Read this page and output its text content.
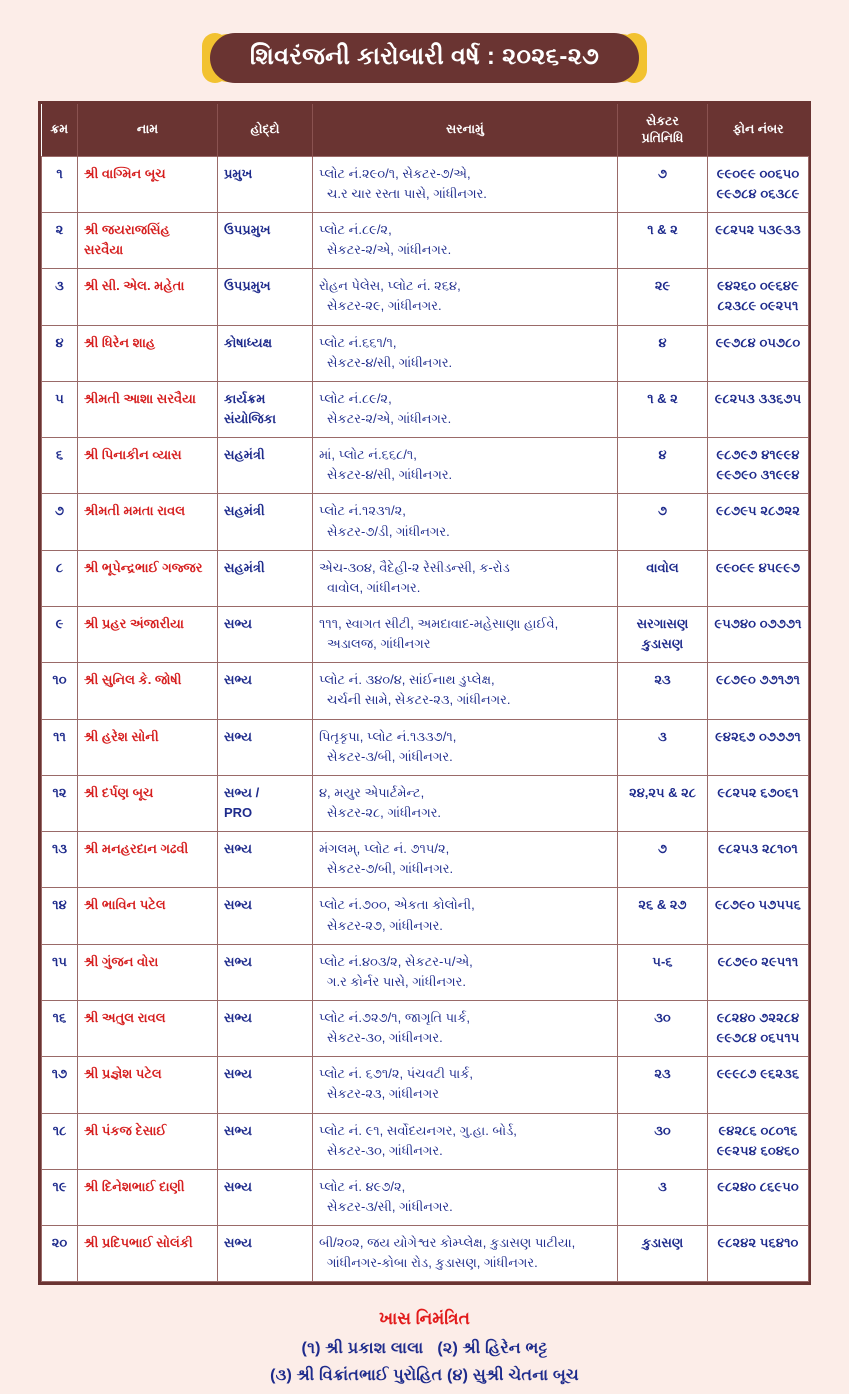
શિવરંજની કારોબારી વર્ષ : ૨૦૨૬-૨૭
ક્રમ	નામ	હોદ્દો	સરનામું	સેકટર
પ્રતિનિધિ	ફોન નંબર
૧	શ્રી વાગ્મિન બૂચ	પ્રમુખ	પ્લોટ નં.૨૯૦/૧, સેકટર-૭/એ,
ચ.ર ચાર રસ્તા પાસે, ગાંધીનગર.	૭	૯૯૦૯૯ ૦૦૬૫૦
૯૯૭૮૪ ૦૬૩૮૯

૨	શ્રી જયરાજસિંહ સરવૈયા	ઉપપ્રમુખ	પ્લોટ નં.૮૯/૨,
સેકટર-૨/એ, ગાંધીનગર.	૧ & ૨	૯૮૨૫૨ ૫૩૯૩૩
૩	શ્રી સી. એલ. મહેતા	ઉપપ્રમુખ	રોહન પેલેસ, પ્લોટ નં. ૨૬૪,
સેકટર-૨૯, ગાંધીનગર.	૨૯	૯૪૨૬૦ ૦૯૬૪૯
૮૨૩૮૯ ૦૯૨૫૧

૪	શ્રી ધિરેન શાહ	કોષાધ્યક્ષ	પ્લોટ નં.૬૬૧/૧,
સેકટર-૪/સી, ગાંધીનગર.	૪	૯૯૭૮૪ ૦૫૭૮૦
૫	શ્રીમતી આશા સરવૈયા	કાર્યક્રમ
સંયોજિકા	પ્લોટ નં.૮૯/૨,
સેકટર-૨/એ, ગાંધીનગર.	૧ & ૨	૯૮૨૫૩ ૩૩૬૭૫
૬	શ્રી પિનાકીન વ્યાસ	સહમંત્રી	માં, પ્લોટ નં.૬૬૮/૧,
સેકટર-૪/સી, ગાંધીનગર.	૪	૯૮૭૯૭ ૪૧૯૯૪
૯૯૭૯૦ ૩૧૯૯૪

૭	શ્રીમતી મમતા રાવલ	સહમંત્રી	પ્લોટ નં.૧૨૩૧/૨,
સેકટર-૭/ડી, ગાંધીનગર.	૭	૯૮૭૯૫ ૨૮૭૨૨
૮	શ્રી ભૂપેન્દ્રભાઈ ગજ્જર	સહમંત્રી	એચ-૩૦૪, વૈદેહી-૨ રેસીડન્સી, ક-રોડ
વાવોલ, ગાંધીનગર.	વાવોલ	૯૯૦૯૯ ૪૫૯૯૭
૯	શ્રી પ્રહર અંજારીયા	સભ્ય	૧૧૧, સ્વાગત સીટી, અમદાવાદ-મહેસાણા હાઈવે,
અડાલજ, ગાંધીનગર	સરગાસણ
કુડાસણ	૯૫૭૪૦ ૦૭૭૭૧
૧૦	શ્રી સુનિલ કે. જોષી	સભ્ય	પ્લોટ નં. ૩૪૦/૪, સાંઈનાથ ડુપ્લેક્ષ,
ચર્ચની સામે, સેકટર-૨૩, ગાંધીનગર.	૨૩	૯૮૭૯૦ ૭૭૧૭૧
૧૧	શ્રી હરેશ સોની	સભ્ય	પિતૃકૃપા, પ્લોટ નં.૧૩૩૭/૧,
સેકટર-૩/બી, ગાંધીનગર.	૩	૯૪૨૬૭ ૦૭૭૭૧
૧૨	શ્રી દર્પણ બૂચ	સભ્ય /
PRO	૪, મયુર એપાર્ટમેન્ટ,
સેકટર-૨૮, ગાંધીનગર.	૨૪,૨૫ & ૨૮	૯૮૨૫૨ ૬૭૦૬૧
૧૩	શ્રી મનહરદાન ગઢવી	સભ્ય	મંગલમ્, પ્લોટ નં. ૭૧૫/૨,
સેકટર-૭/બી, ગાંધીનગર.	૭	૯૮૨૫૩ ૨૮૧૦૧
૧૪	શ્રી ભાવિન પટેલ	સભ્ય	પ્લોટ નં.૭૦૦, એકતા કોલોની,
સેકટર-૨૭, ગાંધીનગર.	૨૬ & ૨૭	૯૮૭૯૦ ૫૭૫૫૬
૧૫	શ્રી ગુંજન વોરા	સભ્ય	પ્લોટ નં.૪૦૩/૨, સેકટર-૫/એ,
ગ.ર કોર્નર પાસે, ગાંધીનગર.	૫-૬	૯૮૭૯૦ ૨૯૫૧૧
૧૬	શ્રી અતુલ રાવલ	સભ્ય	પ્લોટ નં.૭૨૭/૧, જાગૃતિ પાર્ક,
સેકટર-૩૦, ગાંધીનગર.	૩૦	૯૮૨૪૦ ૭૨૨૮૪
૯૯૭૮૪ ૦૬૫૧૫

૧૭	શ્રી પ્રજ્ઞેશ પટેલ	સભ્ય	પ્લોટ નં. ૬૭૧/૨, પંચવટી પાર્ક,
સેકટર-૨૩, ગાંધીનગર	૨૩	૯૯૯૮૭ ૯૬૨૩૬
૧૮	શ્રી પંકજ દેસાઈ	સભ્ય	પ્લોટ નં. ૯૧, સર્વોદયનગર, ગુ.હા. બોર્ડ,
સેકટર-૩૦, ગાંધીનગર.	૩૦	૯૪૨૮૬ ૦૮૦૧૬
૯૯૨૫૪ ૬૦૪૬૦

૧૯	શ્રી દિનેશભાઈ દાણી	સભ્ય	પ્લોટ નં. ૪૯૭/૨,
સેકટર-૩/સી, ગાંધીનગર.	૩	૯૮૨૪૦ ૮૬૯૫૦
૨૦	શ્રી પ્રદિપભાઈ સોલંકી	સભ્ય	બી/૨૦૨, જય યોગેશ્વર કોમ્પ્લેક્ષ, કુડાસણ પાટીયા,
ગાંધીનગર-કોબા રોડ, કુડાસણ, ગાંધીનગર.	કુડાસણ	૯૮૨૪૨ ૫૬૪૧૦
ખાસ નિમંત્રિત
(૧) શ્રી પ્રકાશ લાલા (૨) શ્રી હિરેન ભટ્ટ
(૩) શ્રી વિક્રાંતભાઈ પુરોહિત (૪) સુશ્રી ચેતના બૂચ
